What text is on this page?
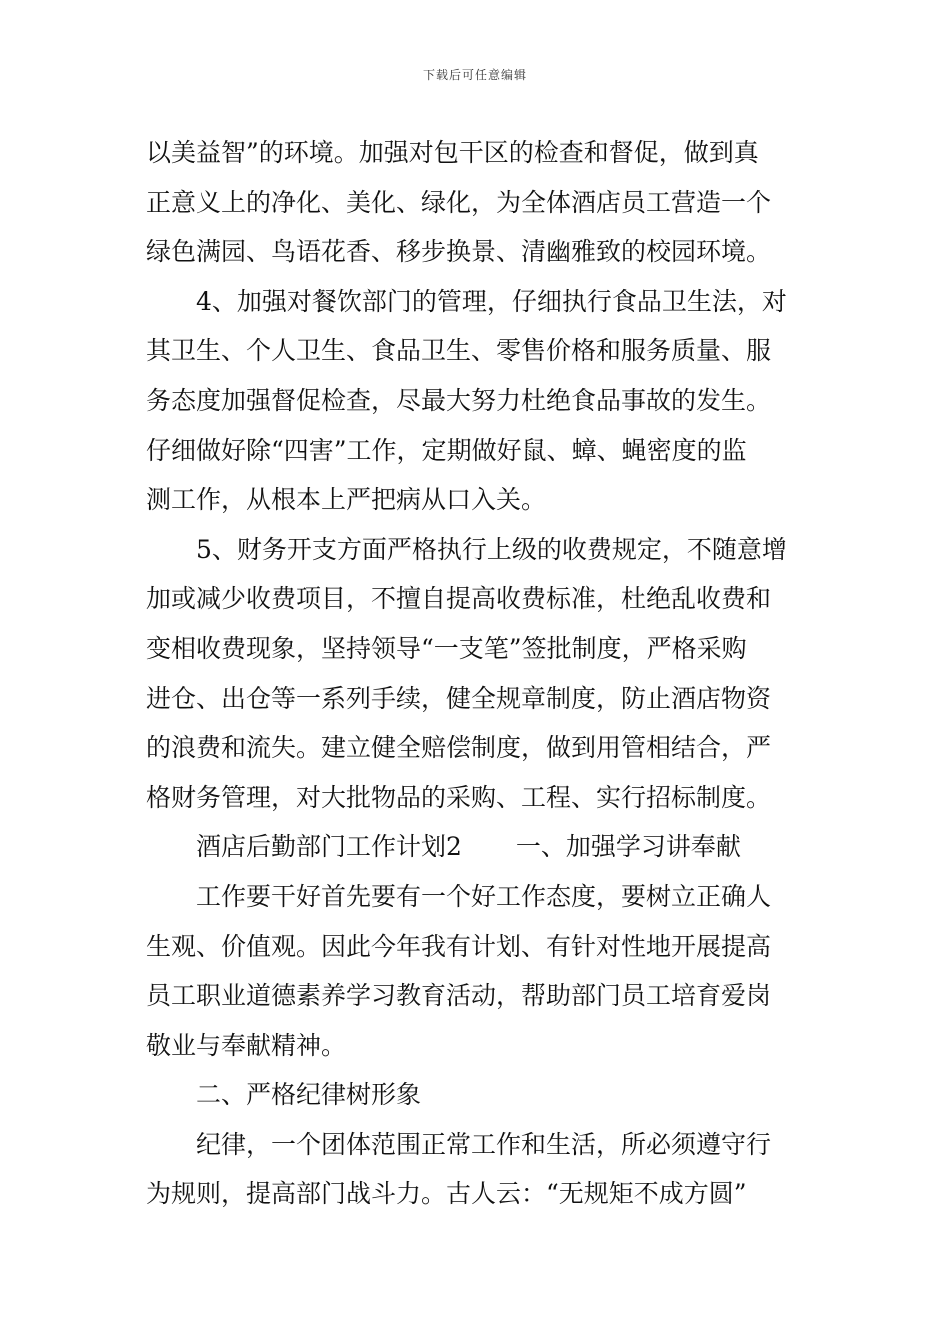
下载后可任意编辑
以美益智”的环境。加强对包干区的检查和督促，做到真
正意义上的净化、美化、绿化，为全体酒店员工营造一个
绿色满园、鸟语花香、移步换景、清幽雅致的校园环境。
4、加强对餐饮部门的管理，仔细执行食品卫生法，对
其卫生、个人卫生、食品卫生、零售价格和服务质量、服
务态度加强督促检查，尽最大努力杜绝食品事故的发生。
仔细做好除“四害”工作，定期做好鼠、蟑、蝇密度的监
测工作，从根本上严把病从口入关。
5、财务开支方面严格执行上级的收费规定，不随意增
加或减少收费项目，不擅自提高收费标准，杜绝乱收费和
变相收费现象，坚持领导“一支笔”签批制度，严格采购
进仓、出仓等一系列手续，健全规章制度，防止酒店物资
的浪费和流失。建立健全赔偿制度，做到用管相结合，严
格财务管理，对大批物品的采购、工程、实行招标制度。
酒店后勤部门工作计划2 一、加强学习讲奉献
工作要干好首先要有一个好工作态度，要树立正确人
生观、价值观。因此今年我有计划、有针对性地开展提高
员工职业道德素养学习教育活动，帮助部门员工培育爱岗
敬业与奉献精神。
二、严格纪律树形象
纪律，一个团体范围正常工作和生活，所必须遵守行
为规则，提高部门战斗力。古人云：“无规矩不成方圆”
